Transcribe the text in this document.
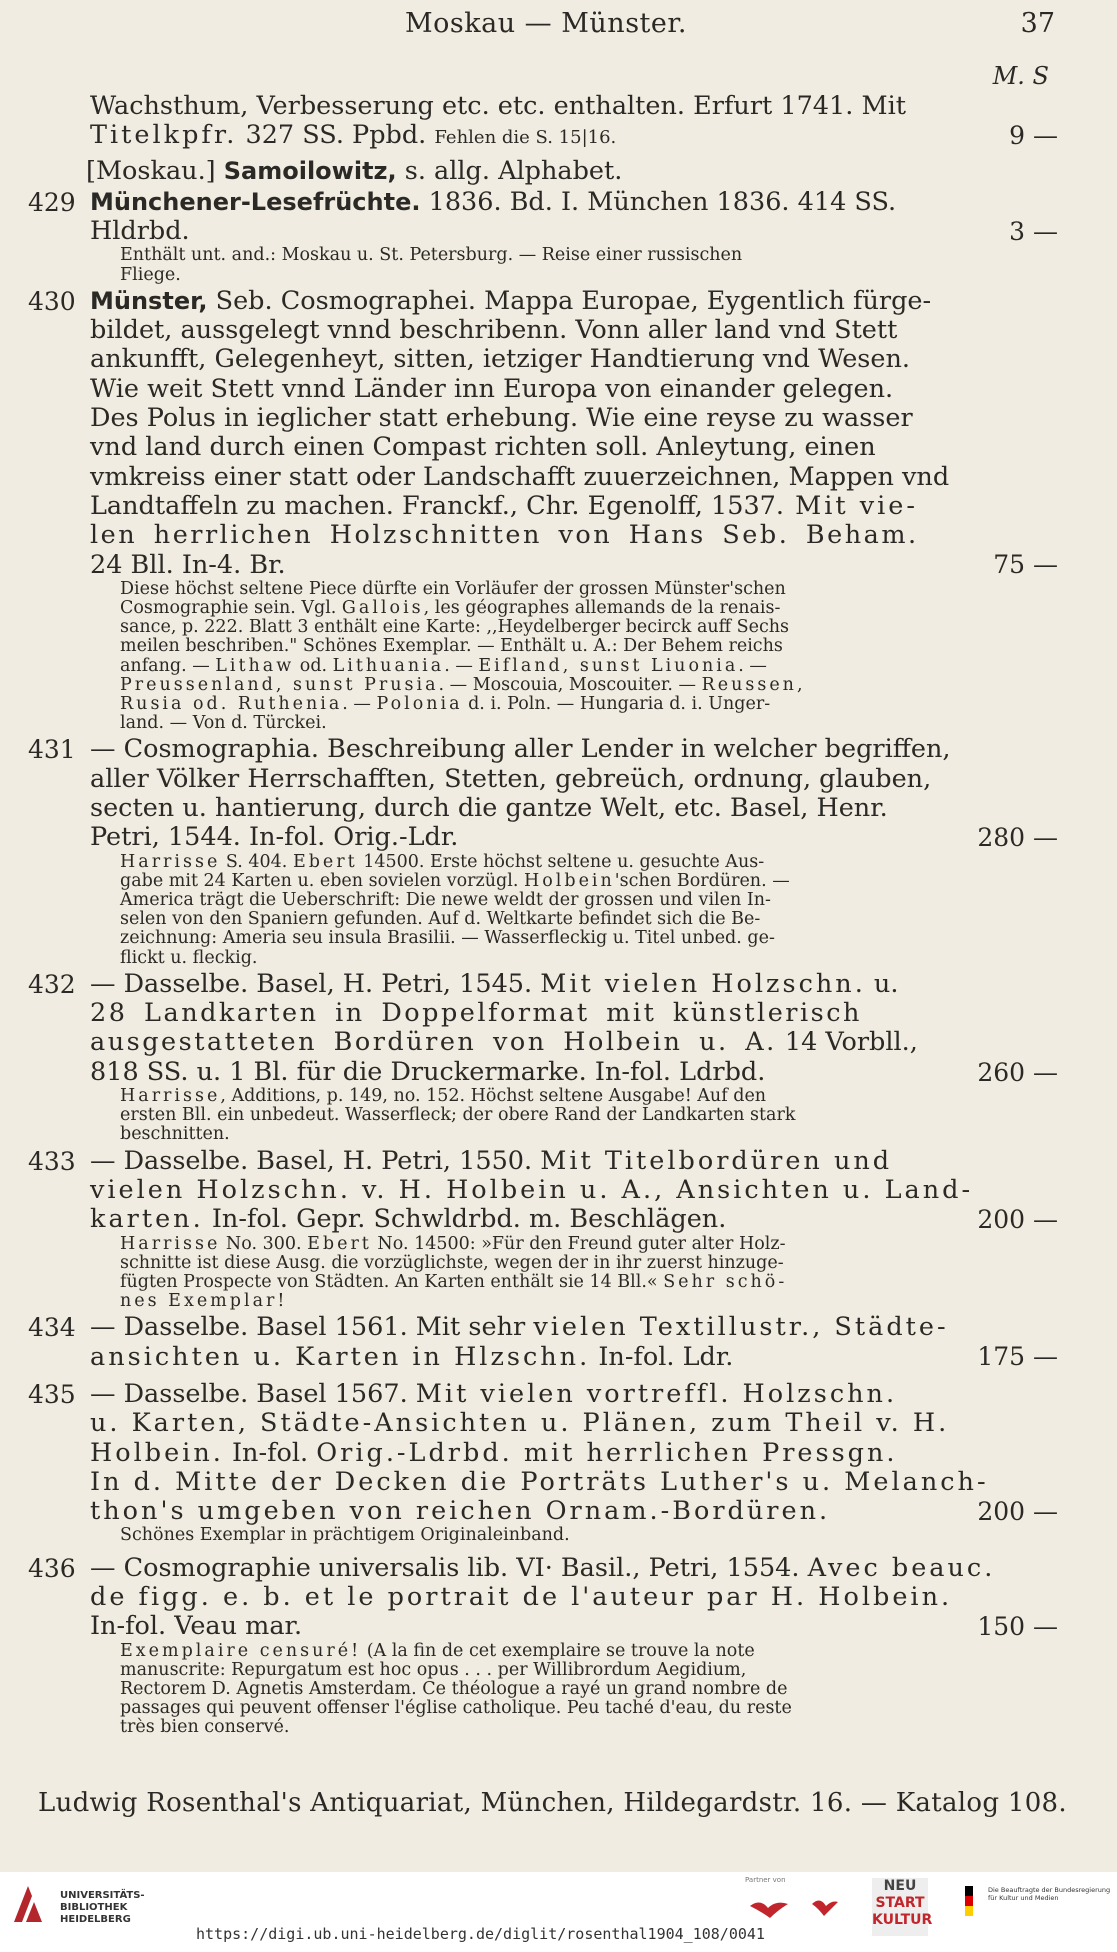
Moskau — Münster.	37
M. S
9 —
Wachsthum, Verbesserung etc. etc. enthalten. Erfurt 1741. Mit
Titelkpfr. 327 SS. Ppbd. Fehlen die S. 15|16.
[Moskau.] Samoilowitz, s. allg. Alphabet.
429
3 —
Münchener-Lesefrüchte. 1836. Bd. I. München 1836. 414 SS.
Hldrbd.
Enthält unt. and.: Moskau u. St. Petersburg. — Reise einer russischen
Fliege.
430
75 —
Münster, Seb. Cosmographei. Mappa Europae, Eygentlich fürge-
bildet, aussgelegt vnnd beschribenn. Vonn aller land vnd Stett
ankunfft, Gelegenheyt, sitten, ietziger Handtierung vnd Wesen.
Wie weit Stett vnnd Länder inn Europa von einander gelegen.
Des Polus in ieglicher statt erhebung. Wie eine reyse zu wasser
vnd land durch einen Compast richten soll. Anleytung, einen
vmkreiss einer statt oder Landschafft zuuerzeichnen, Mappen vnd
Landtaffeln zu machen. Franckf., Chr. Egenolff, 1537. Mit vie-
len herrlichen Holzschnitten von Hans Seb. Beham.
24 Bll. In-4. Br.
Diese höchst seltene Piece dürfte ein Vorläufer der grossen Münster'schen
Cosmographie sein. Vgl. Gallois, les géographes allemands de la renais-
sance, p. 222. Blatt 3 enthält eine Karte: ,,Heydelberger becirck auff Sechs
meilen beschriben." Schönes Exemplar. — Enthält u. A.: Der Behem reichs
anfang. — Lithaw od. Lithuania. — Eifland, sunst Liuonia. —
Preussenland, sunst Prusia. — Moscouia, Moscouiter. — Reussen,
Rusia od. Ruthenia. — Polonia d. i. Poln. — Hungaria d. i. Unger-
land. — Von d. Türckei.
431
280 —
— Cosmographia. Beschreibung aller Lender in welcher begriffen,
aller Völker Herrschafften, Stetten, gebreüch, ordnung, glauben,
secten u. hantierung, durch die gantze Welt, etc. Basel, Henr.
Petri, 1544. In-fol. Orig.-Ldr.
Harrisse S. 404. Ebert 14500. Erste höchst seltene u. gesuchte Aus-
gabe mit 24 Karten u. eben sovielen vorzügl. Holbein'schen Bordüren. —
America trägt die Ueberschrift: Die newe weldt der grossen und vilen In-
selen von den Spaniern gefunden. Auf d. Weltkarte befindet sich die Be-
zeichnung: Ameria seu insula Brasilii. — Wasserfleckig u. Titel unbed. ge-
flickt u. fleckig.
432
260 —
— Dasselbe. Basel, H. Petri, 1545. Mit vielen Holzschn. u.
28 Landkarten in Doppelformat mit künstlerisch
ausgestatteten Bordüren von Holbein u. A. 14 Vorbll.,
818 SS. u. 1 Bl. für die Druckermarke. In-fol. Ldrbd.
Harrisse, Additions, p. 149, no. 152. Höchst seltene Ausgabe! Auf den
ersten Bll. ein unbedeut. Wasserfleck; der obere Rand der Landkarten stark
beschnitten.
433
200 —
— Dasselbe. Basel, H. Petri, 1550. Mit Titelbordüren und
vielen Holzschn. v. H. Holbein u. A., Ansichten u. Land-
karten. In-fol. Gepr. Schwldrbd. m. Beschlägen.
Harrisse No. 300. Ebert No. 14500: »Für den Freund guter alter Holz-
schnitte ist diese Ausg. die vorzüglichste, wegen der in ihr zuerst hinzuge-
fügten Prospecte von Städten. An Karten enthält sie 14 Bll.« Sehr schö-
nes Exemplar!
434
175 —
— Dasselbe. Basel 1561. Mit sehr vielen Textillustr., Städte-
ansichten u. Karten in Hlzschn. In-fol. Ldr.
435
200 —
— Dasselbe. Basel 1567. Mit vielen vortreffl. Holzschn.
u. Karten, Städte-Ansichten u. Plänen, zum Theil v. H.
Holbein. In-fol. Orig.-Ldrbd. mit herrlichen Pressgn.
In d. Mitte der Decken die Porträts Luther's u. Melanch-
thon's umgeben von reichen Ornam.-Bordüren.
Schönes Exemplar in prächtigem Originaleinband.
436
150 —
— Cosmographie universalis lib. VI· Basil., Petri, 1554. Avec beauc.
de figg. e. b. et le portrait de l'auteur par H. Holbein.
In-fol. Veau mar.
Exemplaire censuré! (A la fin de cet exemplaire se trouve la note
manuscrite: Repurgatum est hoc opus . . . per Willibrordum Aegidium,
Rectorem D. Agnetis Amsterdam. Ce théologue a rayé un grand nombre de
passages qui peuvent offenser l'église catholique. Peu taché d'eau, du reste
très bien conservé.
Ludwig Rosenthal's Antiquariat, München, Hildegardstr. 16. — Katalog 108.
UNIVERSITÄTS-
BIBLIOTHEK
HEIDELBERG
Partner von	NEU
START
KULTUR
Die Beauftragte der Bundesregierung
für Kultur und Medien
https://digi.ub.uni-heidelberg.de/diglit/rosenthal1904_108/0041
